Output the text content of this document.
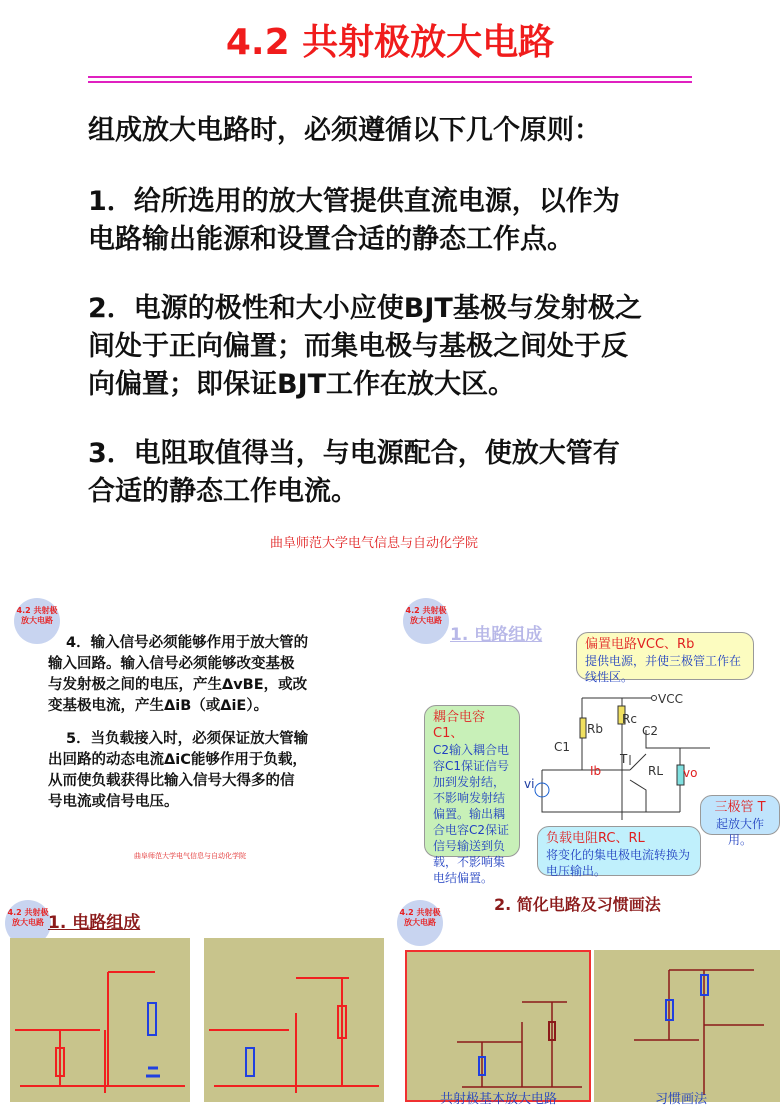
4.2 共射极放大电路
组成放大电路时，必须遵循以下几个原则：
1．给所选用的放大管提供直流电源，以作为
电路输出能源和设置合适的静态工作点。
2．电源的极性和大小应使BJT基极与发射极之
间处于正向偏置；而集电极与基极之间处于反
向偏置；即保证BJT工作在放大区。
3．电阻取值得当，与电源配合，使放大管有
合适的静态工作电流。
曲阜师范大学电气信息与自动化学院
4.2 共射极放大电路
4．输入信号必须能够作用于放大管的
输入回路。输入信号必须能够改变基极
与发射极之间的电压，产生ΔvBE，或改
变基极电流，产生ΔiB（或ΔiE）。
5．当负载接入时，必须保证放大管输
出回路的动态电流ΔiC能够作用于负载，
从而使负载获得比输入信号大得多的信
号电流或信号电压。
曲阜师范大学电气信息与自动化学院
4.2 共射极放大电路
1. 电路组成
VCC
Rb
Rc
C2
C1
T
Ib	RL
vi
vo
偏置电路VCC、Rb
提供电源，并使三极管工作在线性区。
耦合电容C1、
C2输入耦合电容C1保证信号加到发射结，不影响发射结偏置。输出耦合电容C2保证信号输送到负载，不影响集电结偏置。
三极管 T
起放大作用。
负载电阻RC、RL
将变化的集电极电流转换为电压输出。
4.2 共射极放大电路 1. 电路组成
4.2 共射极放大电路
2. 简化电路及习惯画法
共射极基本放大电路	习惯画法
